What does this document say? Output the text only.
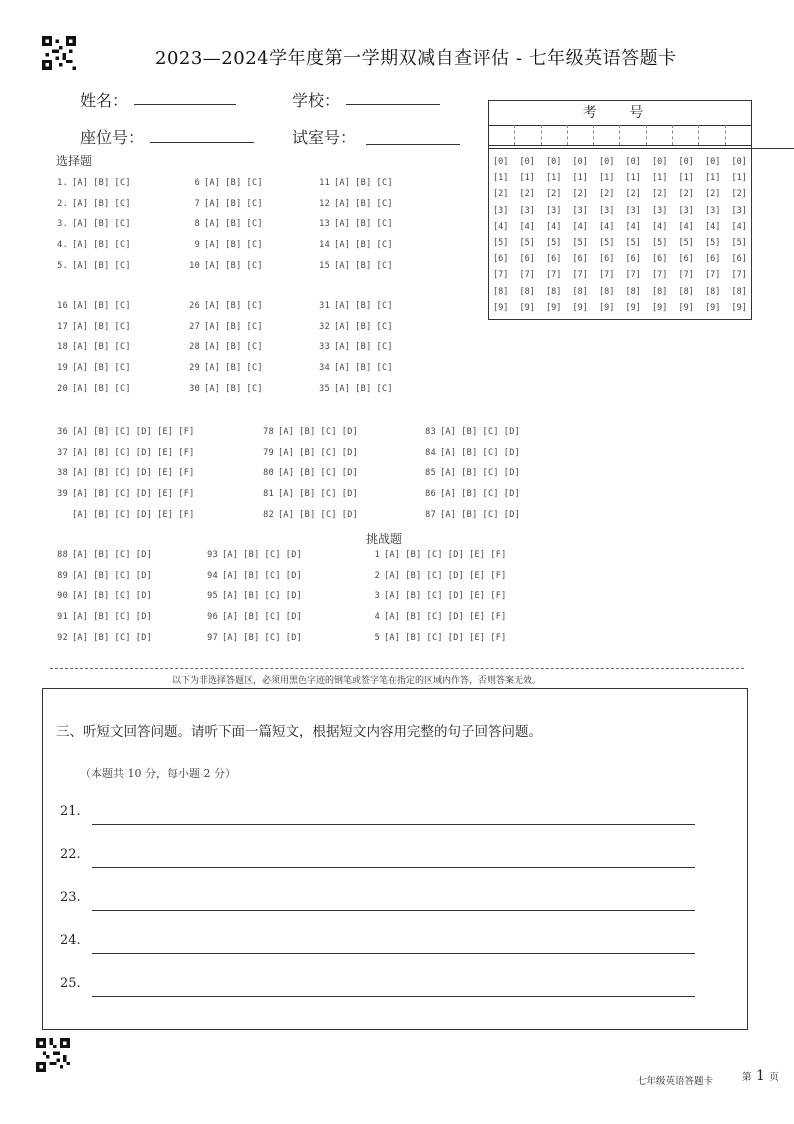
2023—2024学年度第一学期双减自查评估 - 七年级英语答题卡
姓名：	学校：
座位号：	试室号：
考 号
[0] [0] [0] [0] [0] [0] [0] [0] [0] [0]
[1] [1] [1] [1] [1] [1] [1] [1] [1] [1]
[2] [2] [2] [2] [2] [2] [2] [2] [2] [2]
[3] [3] [3] [3] [3] [3] [3] [3] [3] [3]
[4] [4] [4] [4] [4] [4] [4] [4] [4] [4]
[5] [5] [5] [5] [5] [5] [5] [5] [5] [5]
[6] [6] [6] [6] [6] [6] [6] [6] [6] [6]
[7] [7] [7] [7] [7] [7] [7] [7] [7] [7]
[8] [8] [8] [8] [8] [8] [8] [8] [8] [8]
[9] [9] [9] [9] [9] [9] [9] [9] [9] [9]
选择题
挑战题
1. [A] [B] [C]	6 [A] [B] [C]	11 [A] [B] [C]
2. [A] [B] [C]	7 [A] [B] [C]	12 [A] [B] [C]
3. [A] [B] [C]	8 [A] [B] [C]	13 [A] [B] [C]
4. [A] [B] [C]	9 [A] [B] [C]	14 [A] [B] [C]
5. [A] [B] [C]	10 [A] [B] [C]	15 [A] [B] [C]
16 [A] [B] [C]	26 [A] [B] [C]	31 [A] [B] [C]
17 [A] [B] [C]	27 [A] [B] [C]	32 [A] [B] [C]
18 [A] [B] [C]	28 [A] [B] [C]	33 [A] [B] [C]
19 [A] [B] [C]	29 [A] [B] [C]	34 [A] [B] [C]
20 [A] [B] [C]	30 [A] [B] [C]	35 [A] [B] [C]
36 [A] [B] [C] [D] [E] [F]	78 [A] [B] [C] [D]	83 [A] [B] [C] [D]
37 [A] [B] [C] [D] [E] [F]	79 [A] [B] [C] [D]	84 [A] [B] [C] [D]
38 [A] [B] [C] [D] [E] [F]	80 [A] [B] [C] [D]	85 [A] [B] [C] [D]
39 [A] [B] [C] [D] [E] [F]	81 [A] [B] [C] [D]	86 [A] [B] [C] [D]
[A] [B] [C] [D] [E] [F]	82 [A] [B] [C] [D]	87 [A] [B] [C] [D]
88 [A] [B] [C] [D]	93 [A] [B] [C] [D]	1 [A] [B] [C] [D] [E] [F]
89 [A] [B] [C] [D]	94 [A] [B] [C] [D]	2 [A] [B] [C] [D] [E] [F]
90 [A] [B] [C] [D]	95 [A] [B] [C] [D]	3 [A] [B] [C] [D] [E] [F]
91 [A] [B] [C] [D]	96 [A] [B] [C] [D]	4 [A] [B] [C] [D] [E] [F]
92 [A] [B] [C] [D]	97 [A] [B] [C] [D]	5 [A] [B] [C] [D] [E] [F]
以下为非选择答题区，必须用黑色字迹的钢笔或签字笔在指定的区域内作答，否则答案无效。
三、听短文回答问题。请听下面一篇短文，根据短文内容用完整的句子回答问题。
（本题共 10 分，每小题 2 分）
21.
22.
23.
24.
25.
七年级英语答题卡	第 1 页
